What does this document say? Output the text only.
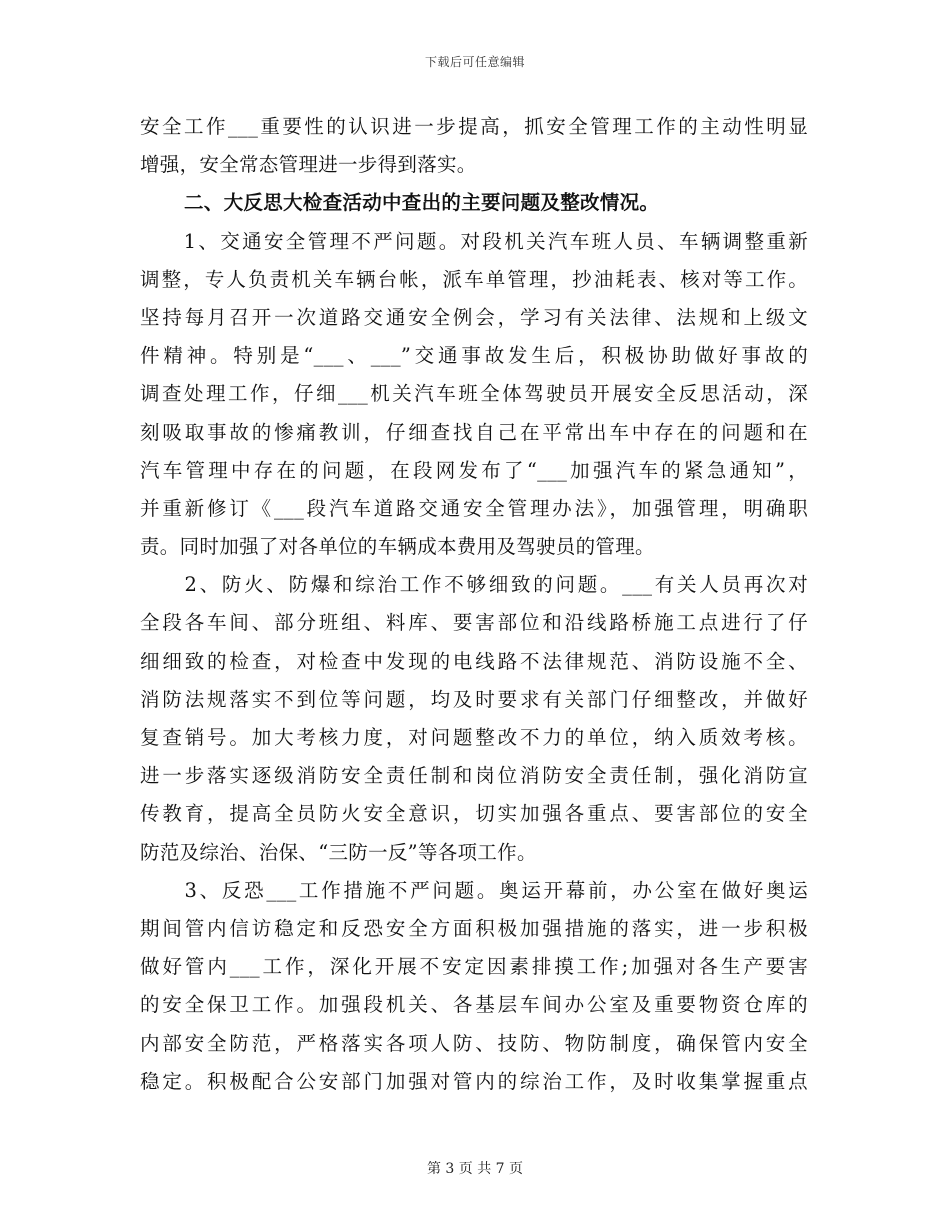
下载后可任意编辑
安全工作___重要性的认识进一步提高，抓安全管理工作的主动性明显
增强，安全常态管理进一步得到落实。
二、大反思大检查活动中查出的主要问题及整改情况。
　　1、交通安全管理不严问题。对段机关汽车班人员、车辆调整重新
调整，专人负责机关车辆台帐，派车单管理，抄油耗表、核对等工作。
坚持每月召开一次道路交通安全例会，学习有关法律、法规和上级文
件精神。特别是“___、___”交通事故发生后，积极协助做好事故的
调查处理工作，仔细___机关汽车班全体驾驶员开展安全反思活动，深
刻吸取事故的惨痛教训，仔细查找自己在平常出车中存在的问题和在
汽车管理中存在的问题，在段网发布了“___加强汽车的紧急通知”，
并重新修订《___段汽车道路交通安全管理办法》，加强管理，明确职
责。同时加强了对各单位的车辆成本费用及驾驶员的管理。
　　2、防火、防爆和综治工作不够细致的问题。___有关人员再次对
全段各车间、部分班组、料库、要害部位和沿线路桥施工点进行了仔
细细致的检查，对检查中发现的电线路不法律规范、消防设施不全、
消防法规落实不到位等问题，均及时要求有关部门仔细整改，并做好
复查销号。加大考核力度，对问题整改不力的单位，纳入质效考核。
进一步落实逐级消防安全责任制和岗位消防安全责任制，强化消防宣
传教育，提高全员防火安全意识，切实加强各重点、要害部位的安全
防范及综治、治保、“三防一反”等各项工作。
　　3、反恐___工作措施不严问题。奥运开幕前，办公室在做好奥运
期间管内信访稳定和反恐安全方面积极加强措施的落实，进一步积极
做好管内___工作，深化开展不安定因素排摸工作;加强对各生产要害
的安全保卫工作。加强段机关、各基层车间办公室及重要物资仓库的
内部安全防范，严格落实各项人防、技防、物防制度，确保管内安全
稳定。积极配合公安部门加强对管内的综治工作，及时收集掌握重点
第 3 页 共 7 页
